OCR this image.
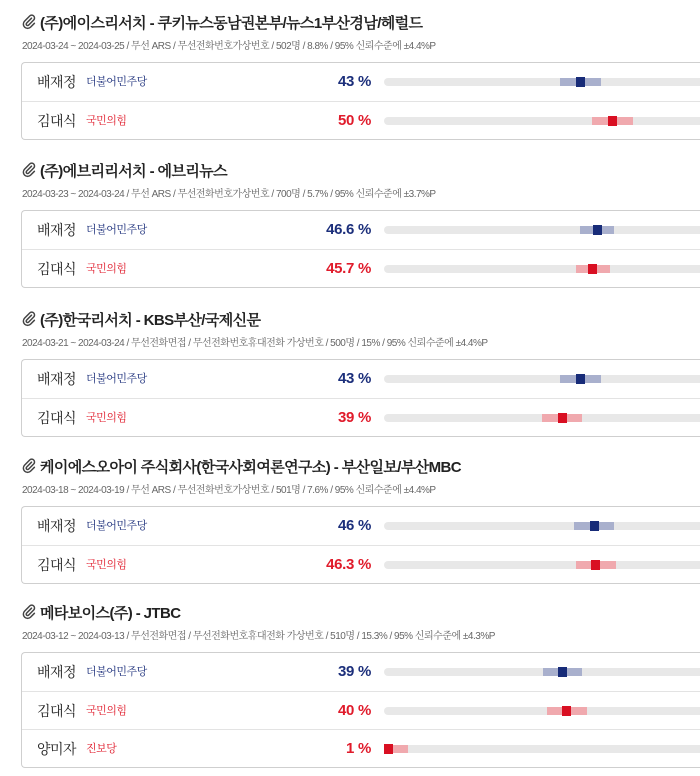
(주)에이스리서치 - 쿠키뉴스동남권본부/뉴스1부산경남/헤럴드
2024-03-24 ~ 2024-03-25 / 무선 ARS / 무선전화번호가상번호 / 502명 / 8.8% / 95% 신뢰수준에 ±4.4%P
배재정 더불어민주당	43 %
김대식 국민의힘	50 %
(주)에브리리서치 - 에브리뉴스
2024-03-23 ~ 2024-03-24 / 무선 ARS / 무선전화번호가상번호 / 700명 / 5.7% / 95% 신뢰수준에 ±3.7%P
배재정 더불어민주당	46.6 %
김대식 국민의힘	45.7 %
(주)한국리서치 - KBS부산/국제신문
2024-03-21 ~ 2024-03-24 / 무선전화면접 / 무선전화번호휴대전화 가상번호 / 500명 / 15% / 95% 신뢰수준에 ±4.4%P
배재정 더불어민주당	43 %
김대식 국민의힘	39 %
케이에스오아이 주식회사(한국사회여론연구소) - 부산일보/부산MBC
2024-03-18 ~ 2024-03-19 / 무선 ARS / 무선전화번호가상번호 / 501명 / 7.6% / 95% 신뢰수준에 ±4.4%P
배재정 더불어민주당	46 %
김대식 국민의힘	46.3 %
메타보이스(주) - JTBC
2024-03-12 ~ 2024-03-13 / 무선전화면접 / 무선전화번호휴대전화 가상번호 / 510명 / 15.3% / 95% 신뢰수준에 ±4.3%P
배재정 더불어민주당	39 %
김대식 국민의힘	40 %
양미자 진보당	1 %
